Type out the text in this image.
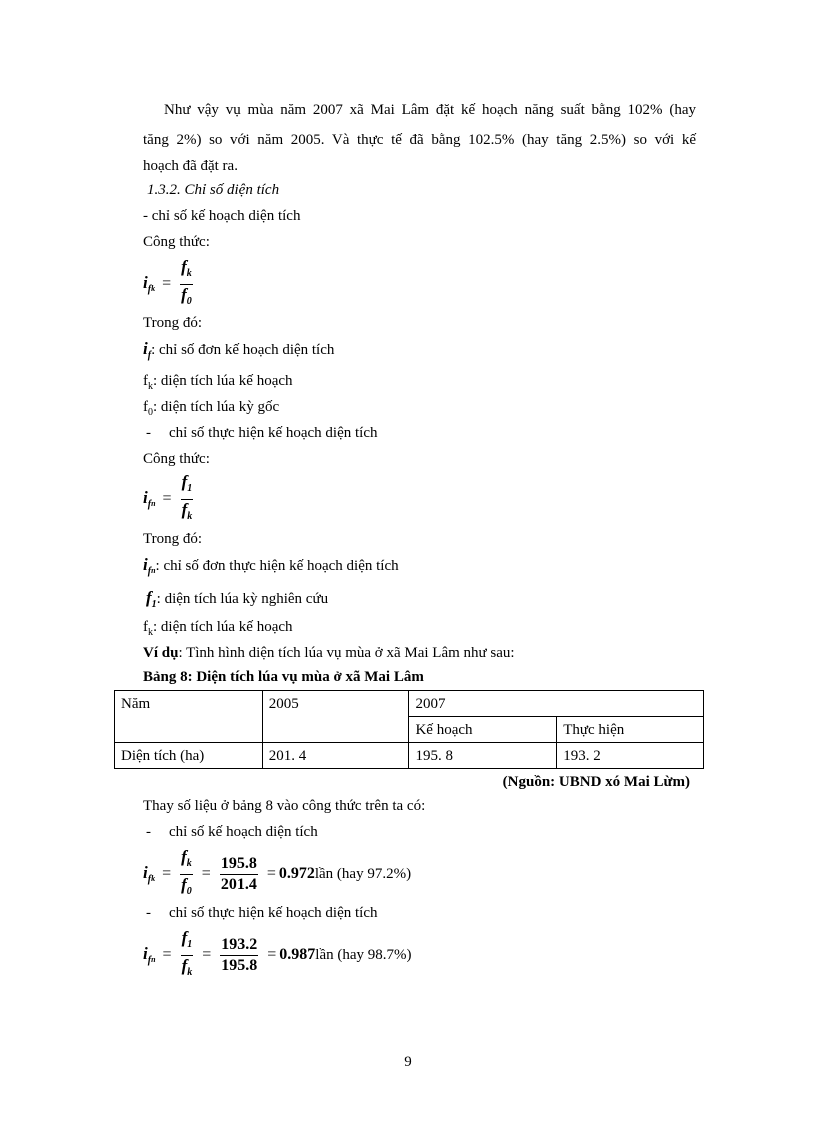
Như vậy vụ mùa năm 2007 xã Mai Lâm đặt kế hoạch năng suất bằng 102% (hay
tăng 2%) so với năm 2005. Và thực tế đã bằng 102.5% (hay tăng 2.5%) so với kế
hoạch đã đặt ra.
1.3.2. Chỉ số diện tích
- chỉ số kế hoạch diện tích
Công thức:
$i_fk = \frac{f_k}{f_0}$
Trong đó:
$i_f$: chỉ số đơn kế hoạch diện tích
$f_k$: diện tích lúa kế hoạch
$f_0$: diện tích lúa kỳ gốc
- chỉ số thực hiện kế hoạch diện tích
Công thức:
$i_fn = \frac{f_1}{f_k}$
Trong đó:
$i_{fn}$: chỉ số đơn thực hiện kế hoạch diện tích
$f_1$: diện tích lúa kỳ nghiên cứu
$f_k$: diện tích lúa kế hoạch
Ví dụ: Tình hình diện tích lúa vụ mùa ở xã Mai Lâm như sau:
Bảng 8: Diện tích lúa vụ mùa ở xã Mai Lâm
Năm	2005	2007	
		Kế hoạch	Thực hiện
Diện tích (ha)	201. 4	195. 8	193. 2
(Nguồn: UBND xó Mai Lừm)
Thay số liệu ở bảng 8 vào công thức trên ta có:
- chỉ số kế hoạch diện tích
$i_fk = \frac{f_k}{f_0} = \frac{195.8}{201.4}$ = 0.972lần (hay 97.2%)
- chỉ số thực hiện kế hoạch diện tích
$i_fn = \frac{f_1}{f_k} = \frac{193.2}{195.8}$ = 0.987lần (hay 98.7%)
9
